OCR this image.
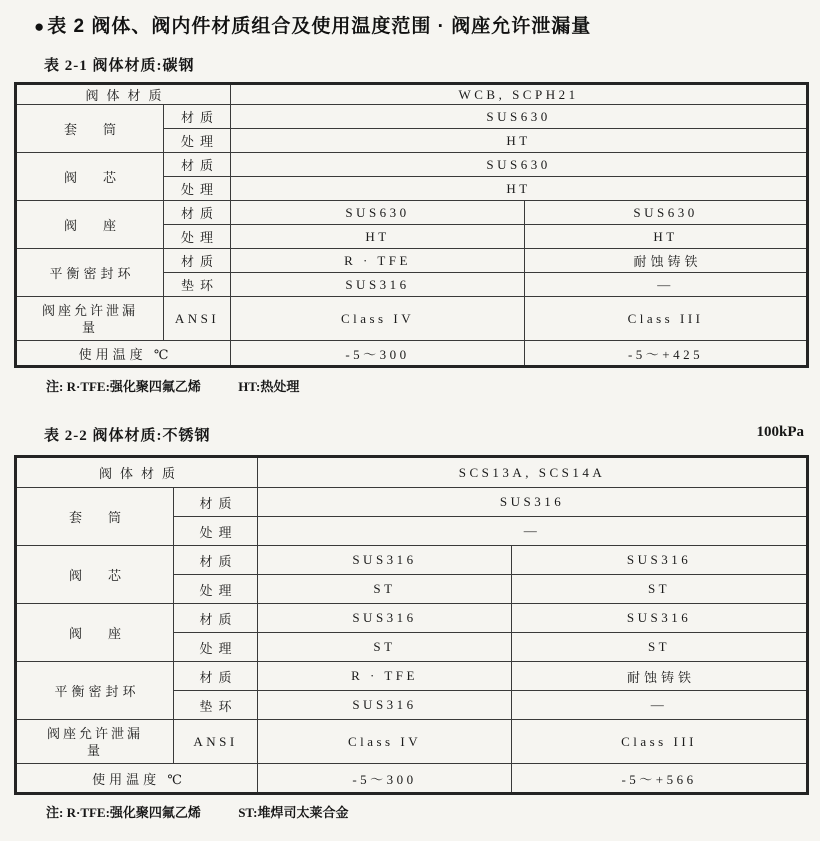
● 表 2 阀体、阀内件材质组合及使用温度范围 · 阀座允许泄漏量
表 2-1 阀体材质:碳钢
阀体材质		WCB, SCPH21	
套　　筒	材质	SUS630	
	处理	HT	
阀　　芯	材质	SUS630	
	处理	HT	
阀　　座	材质	SUS630	SUS630
	处理	HT	HT
平衡密封环	材质	R · TFE	耐蚀铸铁
	垫环	SUS316	—

阀座允许泄漏量	ANSI	Class IV	Class III
使用温度 ℃		-5～300	-5～+425
注: R·TFE:强化聚四氟乙烯	HT:热处理
表 2-2 阀体材质:不锈钢	100kPa
阀体材质		SCS13A, SCS14A	
套　　筒	材质	SUS316	
	处理	—	
阀　　芯	材质	SUS316	SUS316
	处理	ST	ST
阀　　座	材质	SUS316	SUS316
	处理	ST	ST
平衡密封环	材质	R · TFE	耐蚀铸铁
	垫环	SUS316	—

阀座允许泄漏量	ANSI	Class IV	Class III
使用温度 ℃		-5～300	-5～+566
注: R·TFE:强化聚四氟乙烯	ST:堆焊司太莱合金
